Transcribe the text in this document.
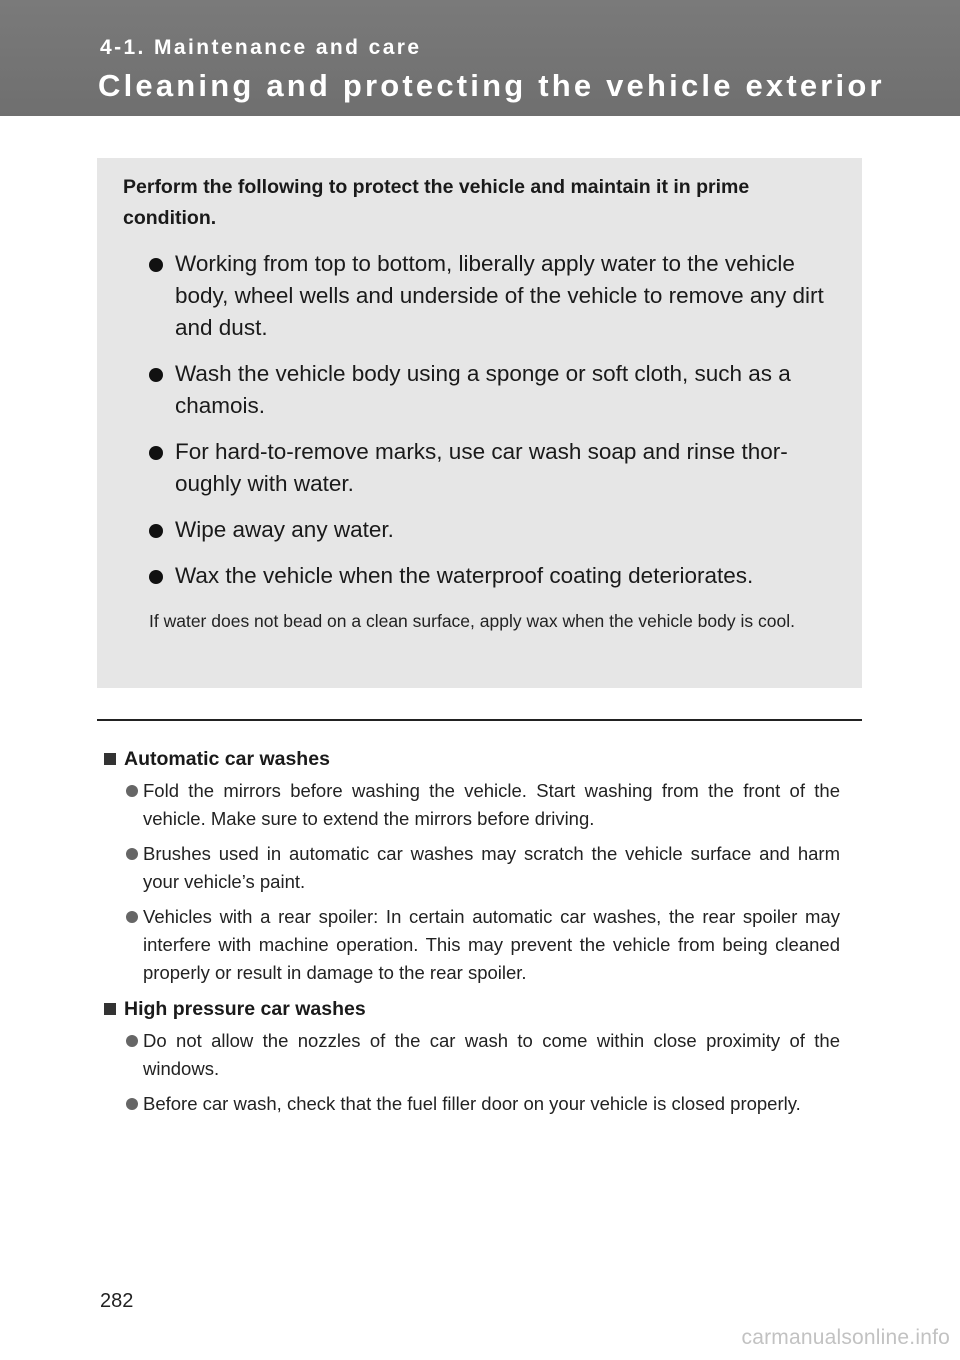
4-1. Maintenance and care
Cleaning and protecting the vehicle exterior

Perform the following to protect the vehicle and maintain it in prime condition.

Working from top to bottom, liberally apply water to the vehicle body, wheel wells and underside of the vehicle to remove any dirt and dust.
Wash the vehicle body using a sponge or soft cloth, such as a chamois.
For hard-to-remove marks, use car wash soap and rinse thoroughly with water.
Wipe away any water.
Wax the vehicle when the waterproof coating deteriorates.

If water does not bead on a clean surface, apply wax when the vehicle body is cool.

Automatic car washes
Fold the mirrors before washing the vehicle. Start washing from the front of the vehicle. Make sure to extend the mirrors before driving.
Brushes used in automatic car washes may scratch the vehicle surface and harm your vehicle’s paint.
Vehicles with a rear spoiler: In certain automatic car washes, the rear spoiler may interfere with machine operation. This may prevent the vehicle from being cleaned properly or result in damage to the rear spoiler.
High pressure car washes
Do not allow the nozzles of the car wash to come within close proximity of the windows.
Before car wash, check that the fuel filler door on your vehicle is closed properly.
282
carmanualsonline.info
